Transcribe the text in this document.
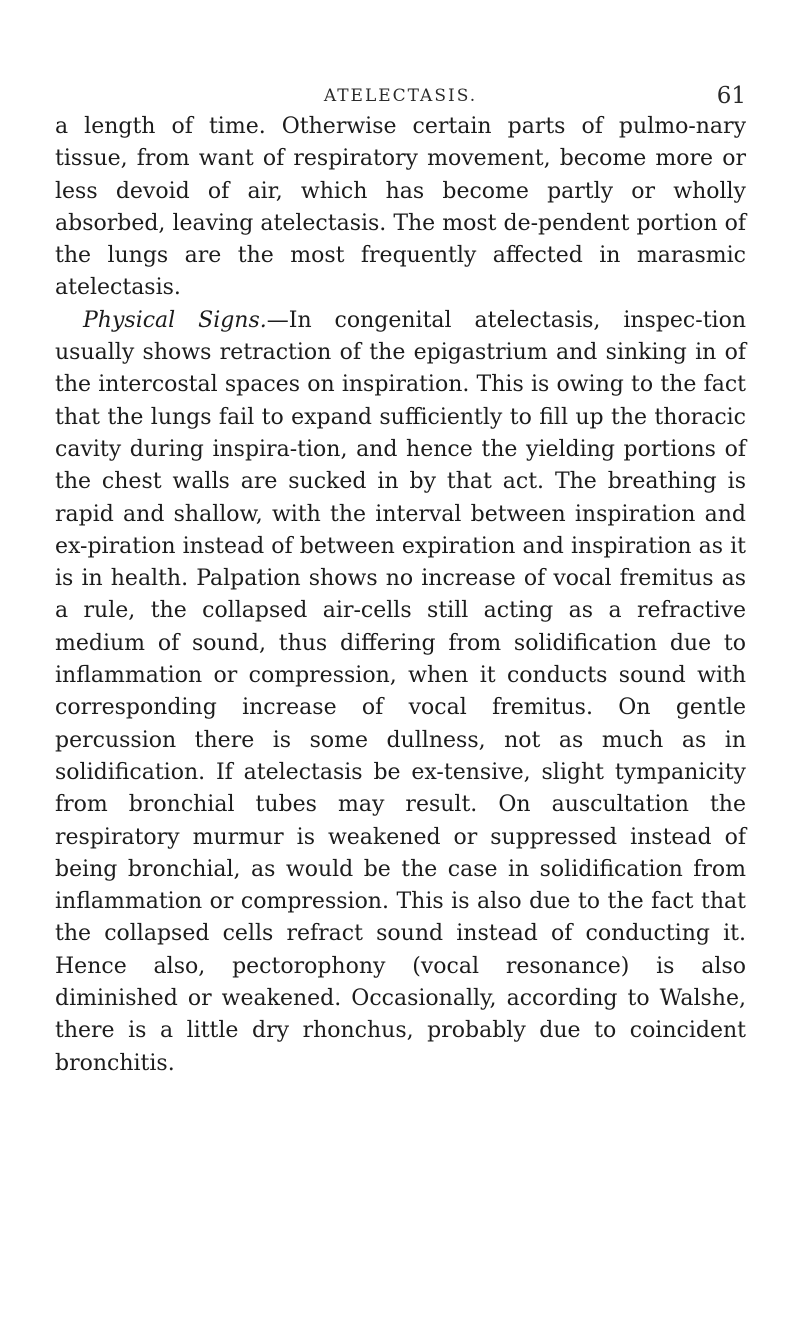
ATELECTASIS.	61

a length of time. Otherwise certain parts of pulmo-nary tissue, from want of respiratory movement, become more or less devoid of air, which has become partly or wholly absorbed, leaving atelectasis. The most de-pendent portion of the lungs are the most frequently affected in marasmic atelectasis.

Physical Signs.—In congenital atelectasis, inspec-tion usually shows retraction of the epigastrium and sinking in of the intercostal spaces on inspiration. This is owing to the fact that the lungs fail to expand sufficiently to fill up the thoracic cavity during inspira-tion, and hence the yielding portions of the chest walls are sucked in by that act. The breathing is rapid and shallow, with the interval between inspiration and ex-piration instead of between expiration and inspiration as it is in health. Palpation shows no increase of vocal fremitus as a rule, the collapsed air-cells still acting as a refractive medium of sound, thus differing from solidification due to inflammation or compression, when it conducts sound with corresponding increase of vocal fremitus. On gentle percussion there is some dullness, not as much as in solidification. If atelectasis be ex-tensive, slight tympanicity from bronchial tubes may result. On auscultation the respiratory murmur is weakened or suppressed instead of being bronchial, as would be the case in solidification from inflammation or compression. This is also due to the fact that the collapsed cells refract sound instead of conducting it. Hence also, pectorophony (vocal resonance) is also diminished or weakened. Occasionally, according to Walshe, there is a little dry rhonchus, probably due to coincident bronchitis.
